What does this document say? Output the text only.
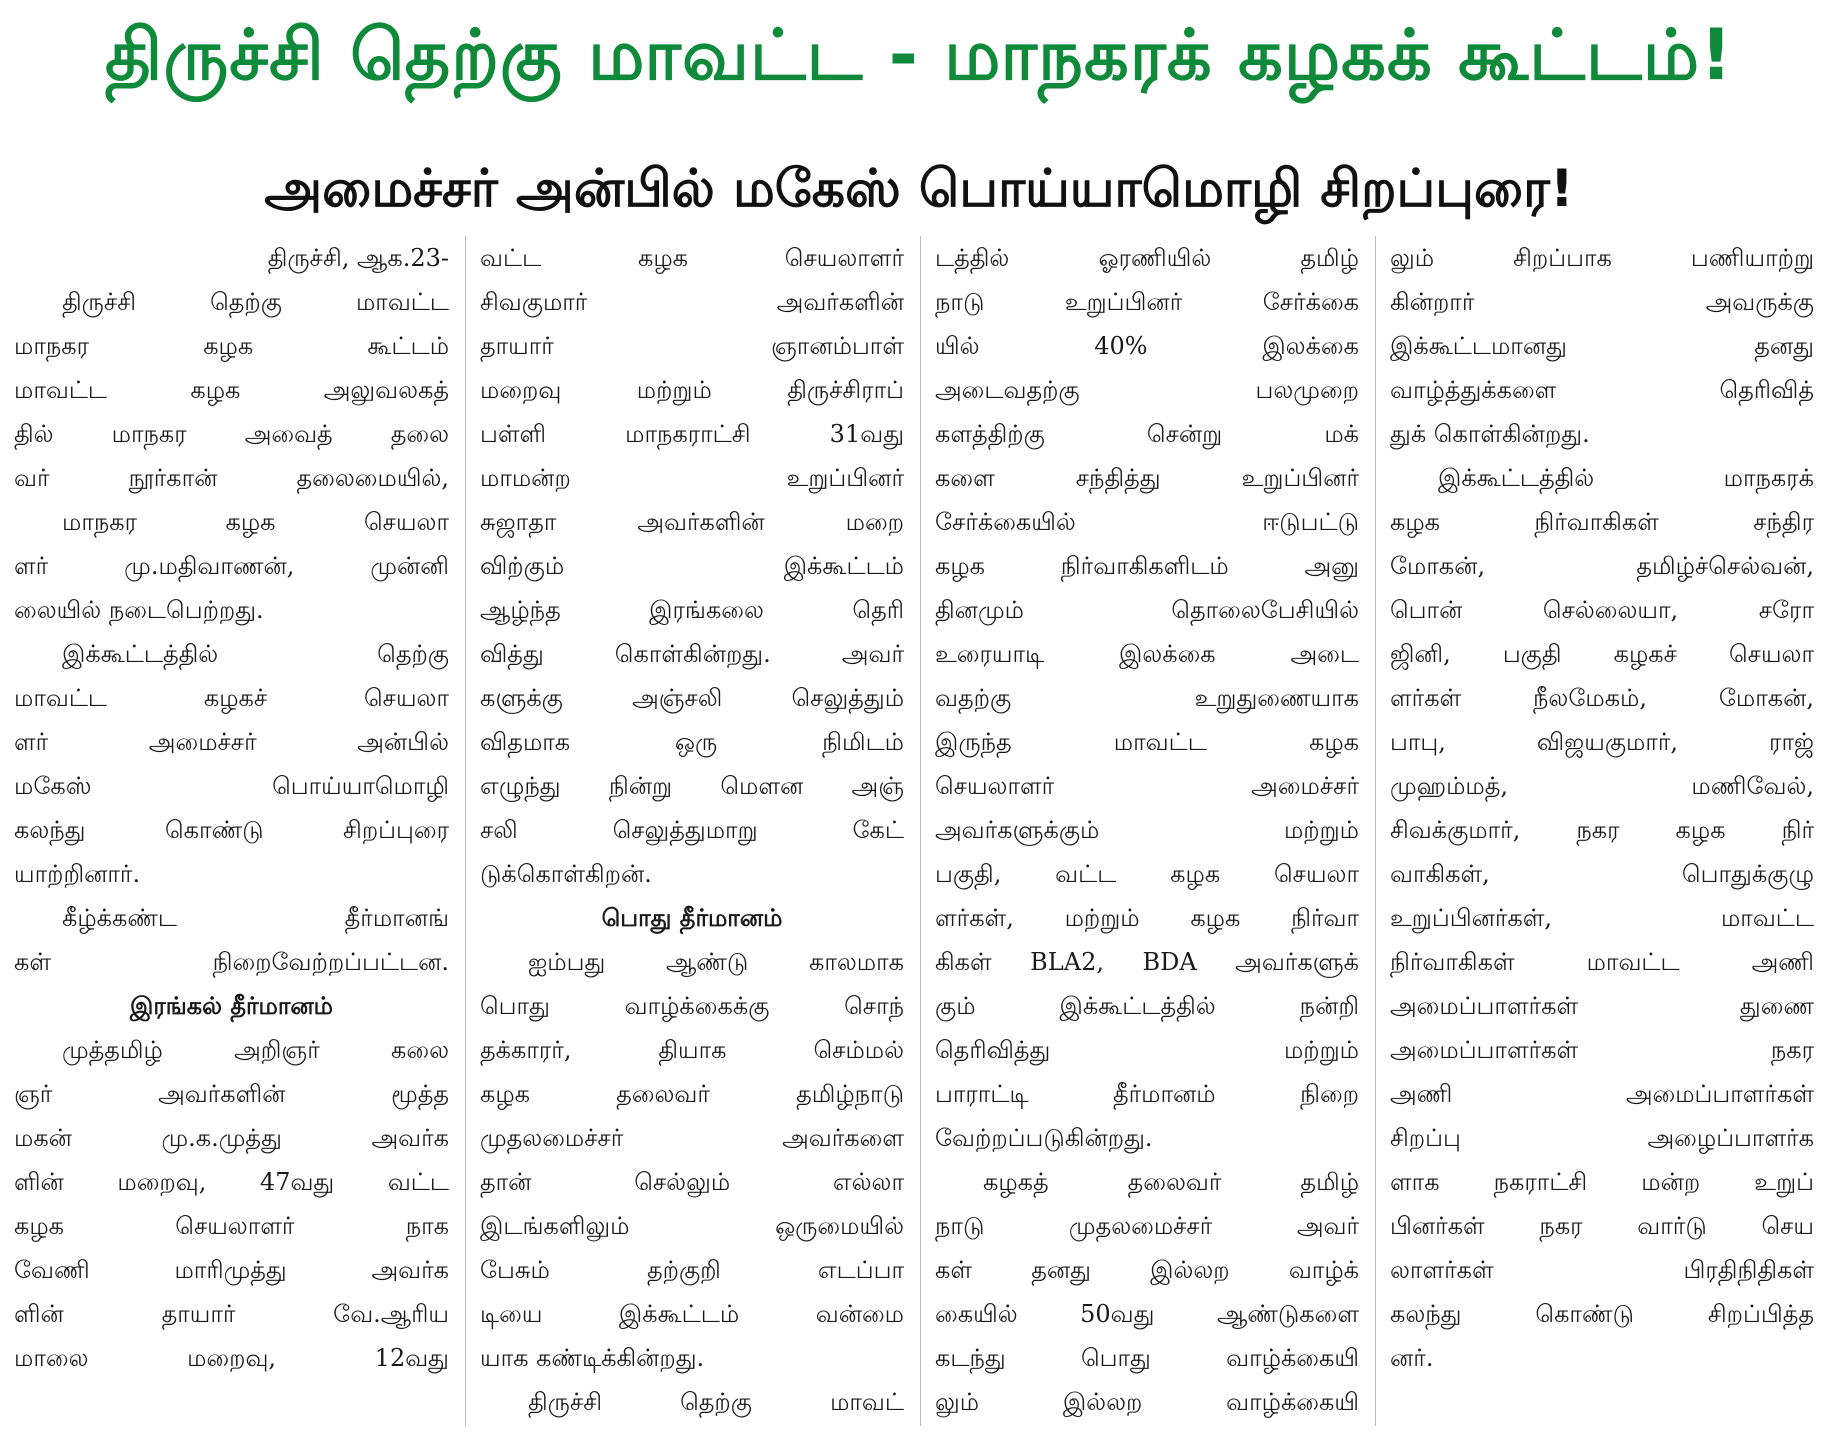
திருச்சி தெற்கு மாவட்ட - மாநகரக் கழகக் கூட்டம்!
அமைச்சர் அன்பில் மகேஸ் பொய்யாமொழி சிறப்புரை!
திருச்சி, ஆக.23-
திருச்சி தெற்கு மாவட்ட
மாநகர கழக கூட்டம்
மாவட்ட கழக அலுவலகத்
தில் மாநகர அவைத் தலை
வர் நூர்கான் தலைமையில்,
மாநகர கழக செயலா
ளர் மு.மதிவாணன், முன்னி
லையில் நடைபெற்றது.
இக்கூட்டத்தில் தெற்கு
மாவட்ட கழகச் செயலா
ளர் அமைச்சர் அன்பில்
மகேஸ் பொய்யாமொழி
கலந்து கொண்டு சிறப்புரை
யாற்றினார்.
கீழ்க்கண்ட தீர்மானங்
கள் நிறைவேற்றப்பட்டன.
இரங்கல் தீர்மானம்
முத்தமிழ் அறிஞர் கலை
ஞர் அவர்களின் மூத்த
மகன் மு.க.முத்து அவர்க
ளின் மறைவு, 47வது வட்ட
கழக செயலாளர் நாக
வேணி மாரிமுத்து அவர்க
ளின் தாயார் வே.ஆரிய
மாலை மறைவு, 12வது
வட்ட கழக செயலாளர்
சிவகுமார் அவர்களின்
தாயார் ஞானம்பாள்
மறைவு மற்றும் திருச்சிராப்
பள்ளி மாநகராட்சி 31வது
மாமன்ற உறுப்பினர்
சுஜாதா அவர்களின் மறை
விற்கும் இக்கூட்டம்
ஆழ்ந்த இரங்கலை தெரி
வித்து கொள்கின்றது. அவர்
களுக்கு அஞ்சலி செலுத்தும்
விதமாக ஒரு நிமிடம்
எழுந்து நின்று மௌன அஞ்
சலி செலுத்துமாறு கேட்
டுக்கொள்கிறன்.
பொது தீர்மானம்
ஐம்பது ஆண்டு காலமாக
பொது வாழ்க்கைக்கு சொந்
தக்காரர், தியாக செம்மல்
கழக தலைவர் தமிழ்நாடு
முதலமைச்சர் அவர்களை
தான் செல்லும் எல்லா
இடங்களிலும் ஒருமையில்
பேசும் தற்குறி எடப்பா
டியை இக்கூட்டம் வன்மை
யாக கண்டிக்கின்றது.
திருச்சி தெற்கு மாவட்
டத்தில் ஓரணியில் தமிழ்
நாடு உறுப்பினர் சேர்க்கை
யில் 40% இலக்கை
அடைவதற்கு பலமுறை
களத்திற்கு சென்று மக்
களை சந்தித்து உறுப்பினர்
சேர்க்கையில் ஈடுபட்டு
கழக நிர்வாகிகளிடம் அனு
தினமும் தொலைபேசியில்
உரையாடி இலக்கை அடை
வதற்கு உறுதுணையாக
இருந்த மாவட்ட கழக
செயலாளர் அமைச்சர்
அவர்களுக்கும் மற்றும்
பகுதி, வட்ட கழக செயலா
ளர்கள், மற்றும் கழக நிர்வா
கிகள் BLA2, BDA அவர்களுக்
கும் இக்கூட்டத்தில் நன்றி
தெரிவித்து மற்றும்
பாராட்டி தீர்மானம் நிறை
வேற்றப்படுகின்றது.
கழகத் தலைவர் தமிழ்
நாடு முதலமைச்சர் அவர்
கள் தனது இல்லற வாழ்க்
கையில் 50வது ஆண்டுகளை
கடந்து பொது வாழ்க்கையி
லும் இல்லற வாழ்க்கையி
லும் சிறப்பாக பணியாற்று
கின்றார் அவருக்கு
இக்கூட்டமானது தனது
வாழ்த்துக்களை தெரிவித்
துக் கொள்கின்றது.
இக்கூட்டத்தில் மாநகரக்
கழக நிர்வாகிகள் சந்திர
மோகன், தமிழ்ச்செல்வன்,
பொன் செல்லையா, சரோ
ஜினி, பகுதி கழகச் செயலா
ளர்கள் நீலமேகம், மோகன்,
பாபு, விஜயகுமார், ராஜ்
முஹம்மத், மணிவேல்,
சிவக்குமார், நகர கழக நிர்
வாகிகள், பொதுக்குழு
உறுப்பினர்கள், மாவட்ட
நிர்வாகிகள் மாவட்ட அணி
அமைப்பாளர்கள் துணை
அமைப்பாளர்கள் நகர
அணி அமைப்பாளர்கள்
சிறப்பு அழைப்பாளர்க
ளாக நகராட்சி மன்ற உறுப்
பினர்கள் நகர வார்டு செய
லாளர்கள் பிரதிநிதிகள்
கலந்து கொண்டு சிறப்பித்த
னர்.
